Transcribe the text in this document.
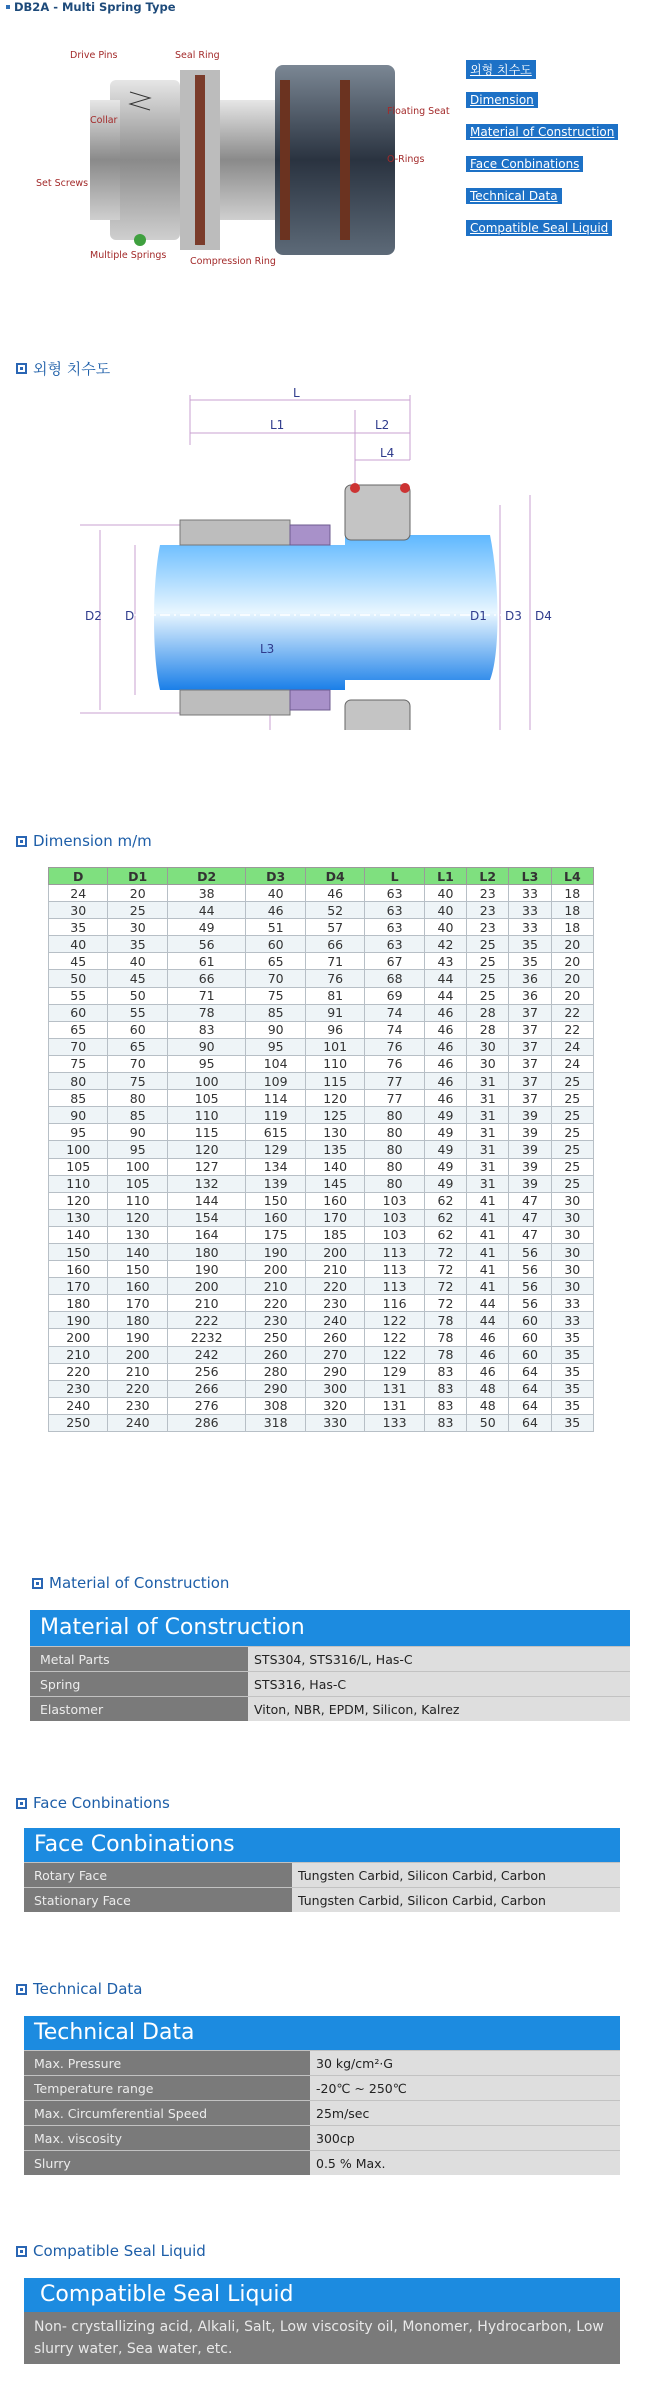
DB2A - Multi Spring Type
Drive Pins	Seal Ring
Collar
Set Screws
Multiple Springs
Compression Ring
Floating Seat
O-Rings
외형 치수도
Dimension
Material of Construction
Face Conbinations
Technical Data
Compatible Seal Liquid
외형 치수도
L
L1	L2
L4
L3
D2 D	D1 D3 D4
Dimension m/m
D	D1	D2	D3	D4	L	L1	L2	L3	L4
24	20	38	40	46	63	40	23	33	18
30	25	44	46	52	63	40	23	33	18
35	30	49	51	57	63	40	23	33	18
40	35	56	60	66	63	42	25	35	20
45	40	61	65	71	67	43	25	35	20
50	45	66	70	76	68	44	25	36	20
55	50	71	75	81	69	44	25	36	20
60	55	78	85	91	74	46	28	37	22
65	60	83	90	96	74	46	28	37	22
70	65	90	95	101	76	46	30	37	24
75	70	95	104	110	76	46	30	37	24
80	75	100	109	115	77	46	31	37	25
85	80	105	114	120	77	46	31	37	25
90	85	110	119	125	80	49	31	39	25
95	90	115	615	130	80	49	31	39	25
100	95	120	129	135	80	49	31	39	25
105	100	127	134	140	80	49	31	39	25
110	105	132	139	145	80	49	31	39	25
120	110	144	150	160	103	62	41	47	30
130	120	154	160	170	103	62	41	47	30
140	130	164	175	185	103	62	41	47	30
150	140	180	190	200	113	72	41	56	30
160	150	190	200	210	113	72	41	56	30
170	160	200	210	220	113	72	41	56	30
180	170	210	220	230	116	72	44	56	33
190	180	222	230	240	122	78	44	60	33
200	190	2232	250	260	122	78	46	60	35
210	200	242	260	270	122	78	46	60	35
220	210	256	280	290	129	83	46	64	35
230	220	266	290	300	131	83	48	64	35
240	230	276	308	320	131	83	48	64	35
250	240	286	318	330	133	83	50	64	35
Material of Construction
Material of Construction
Metal Parts	STS304, STS316/L, Has-C
Spring	STS316, Has-C
Elastomer	Viton, NBR, EPDM, Silicon, Kalrez
Face Conbinations
Face Conbinations
Rotary Face	Tungsten Carbid, Silicon Carbid, Carbon
Stationary Face	Tungsten Carbid, Silicon Carbid, Carbon
Technical Data
Technical Data
Max. Pressure	30 kg/cm²·G
Temperature range	-20℃ ~ 250℃
Max. Circumferential Speed	25m/sec
Max. viscosity	300cp
Slurry	0.5 % Max.
Compatible Seal Liquid
Compatible Seal Liquid
Non- crystallizing acid, Alkali, Salt, Low viscosity oil, Monomer, Hydrocarbon, Low slurry water, Sea water, etc.
